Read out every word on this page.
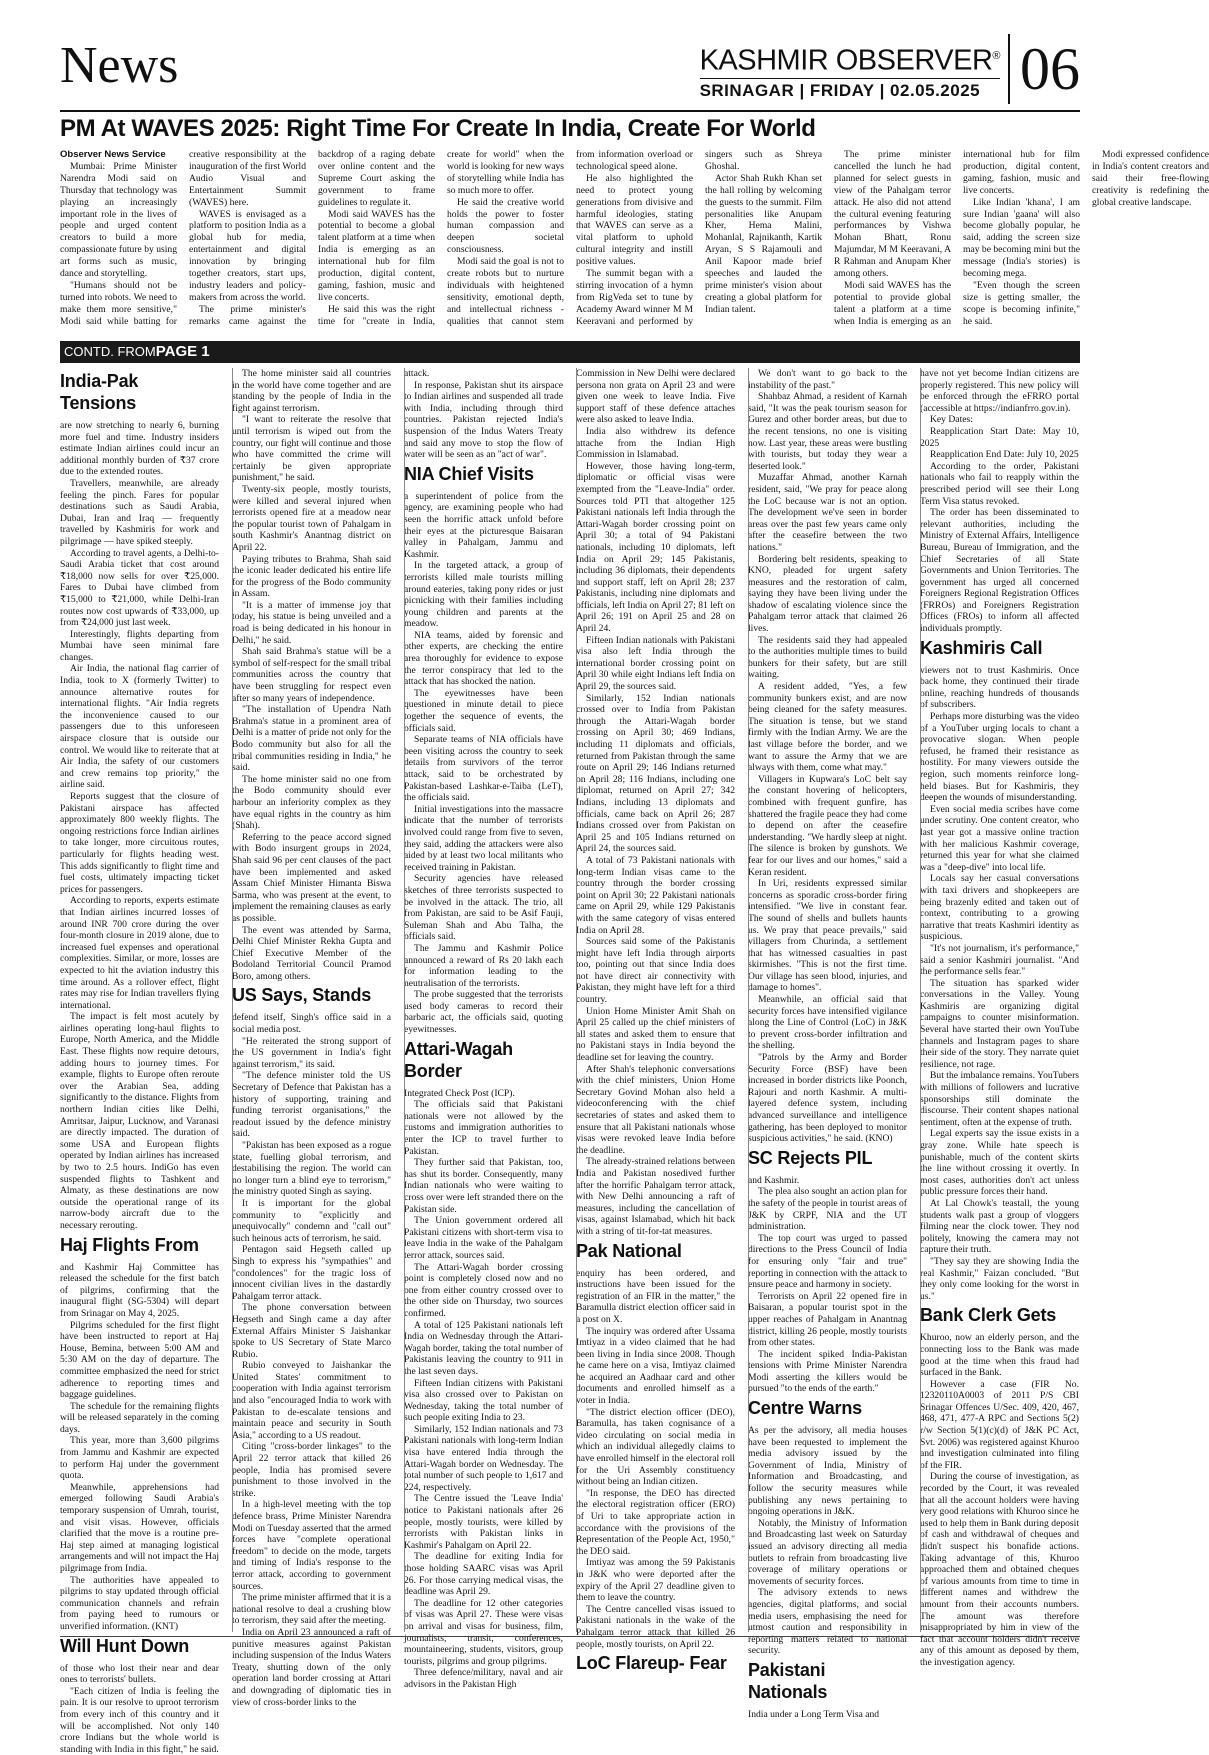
News	KASHMIR OBSERVER®
SRINAGAR | FRIDAY | 02.05.2025 06
PM At WAVES 2025: Right Time For Create In India, Create For World

Observer News Service

Mumbai: Prime Minister Narendra Modi said on Thursday that technology was playing an increasingly important role in the lives of people and urged content creators to build a more compassionate future by using art forms such as music, dance and storytelling.

"Humans should not be turned into robots. We need to make them more sensitive," Modi said while batting for creative responsibility at the inauguration of the first World Audio Visual and Entertainment Summit (WAVES) here.

WAVES is envisaged as a platform to position India as a global hub for media, entertainment and digital innovation by bringing together creators, start ups, industry leaders and policy-makers from across the world.

The prime minister's remarks came against the backdrop of a raging debate over online content and the Supreme Court asking the government to frame guidelines to regulate it.

Modi said WAVES has the potential to become a global talent platform at a time when India is emerging as an international hub for film production, digital content, gaming, fashion, music and live concerts.

He said this was the right time for "create in India, create for world" when the world is looking for new ways of storytelling while India has so much more to offer.

He said the creative world holds the power to foster human compassion and deepen societal consciousness.

Modi said the goal is not to create robots but to nurture individuals with heightened sensitivity, emotional depth, and intellectual richness - qualities that cannot stem from information overload or technological speed alone.

He also highlighted the need to protect young generations from divisive and harmful ideologies, stating that WAVES can serve as a vital platform to uphold cultural integrity and instill positive values.

The summit began with a stirring invocation of a hymn from RigVeda set to tune by Academy Award winner M M Keeravani and performed by singers such as Shreya Ghoshal.

Actor Shah Rukh Khan set the hall rolling by welcoming the guests to the summit. Film personalities like Anupam Kher, Hema Malini, Mohanlal, Rajnikanth, Kartik Aryan, S S Rajamouli and Anil Kapoor made brief speeches and lauded the prime minister's vision about creating a global platform for Indian talent.

The prime minister cancelled the lunch he had planned for select guests in view of the Pahalgam terror attack. He also did not attend the cultural evening featuring performances by Vishwa Mohan Bhatt, Ronu Majumdar, M M Keeravani, A R Rahman and Anupam Kher among others.

Modi said WAVES has the potential to provide global talent a platform at a time when India is emerging as an international hub for film production, digital content, gaming, fashion, music and live concerts.

Like Indian 'khana', I am sure Indian 'gaana' will also become globally popular, he said, adding the screen size may be becoming mini but the message (India's stories) is becoming mega.

"Even though the screen size is getting smaller, the scope is becoming infinite," he said.

Modi expressed confidence in India's content creators and said their free-flowing creativity is redefining the global creative landscape.

CONTD. FROMPAGE 1
India-Pak Tensions

are now stretching to nearly 6, burning more fuel and time. Industry insiders estimate Indian airlines could incur an additional monthly burden of ₹37 crore due to the extended routes.

Travellers, meanwhile, are already feeling the pinch. Fares for popular destinations such as Saudi Arabia, Dubai, Iran and Iraq — frequently travelled by Kashmiris for work and pilgrimage — have spiked steeply.

According to travel agents, a Delhi-to-Saudi Arabia ticket that cost around ₹18,000 now sells for over ₹25,000. Fares to Dubai have climbed from ₹15,000 to ₹21,000, while Delhi-Iran routes now cost upwards of ₹33,000, up from ₹24,000 just last week.

Interestingly, flights departing from Mumbai have seen minimal fare changes.

Air India, the national flag carrier of India, took to X (formerly Twitter) to announce alternative routes for international flights. "Air India regrets the inconvenience caused to our passengers due to this unforeseen airspace closure that is outside our control. We would like to reiterate that at Air India, the safety of our customers and crew remains top priority," the airline said.

Reports suggest that the closure of Pakistani airspace has affected approximately 800 weekly flights. The ongoing restrictions force Indian airlines to take longer, more circuitous routes, particularly for flights heading west. This adds significantly to flight time and fuel costs, ultimately impacting ticket prices for passengers.

According to reports, experts estimate that Indian airlines incurred losses of around INR 700 crore during the over four-month closure in 2019 alone, due to increased fuel expenses and operational complexities. Similar, or more, losses are expected to hit the aviation industry this time around. As a rollover effect, flight rates may rise for Indian travellers flying international.

The impact is felt most acutely by airlines operating long-haul flights to Europe, North America, and the Middle East. These flights now require detours, adding hours to journey times. For example, flights to Europe often reroute over the Arabian Sea, adding significantly to the distance. Flights from northern Indian cities like Delhi, Amritsar, Jaipur, Lucknow, and Varanasi are directly impacted. The duration of some USA and European flights operated by Indian airlines has increased by two to 2.5 hours. IndiGo has even suspended flights to Tashkent and Almaty, as these destinations are now outside the operational range of its narrow-body aircraft due to the necessary rerouting.

Haj Flights From

and Kashmir Haj Committee has released the schedule for the first batch of pilgrims, confirming that the inaugural flight (SG-5304) will depart from Srinagar on May 4, 2025.

Pilgrims scheduled for the first flight have been instructed to report at Haj House, Bemina, between 5:00 AM and 5:30 AM on the day of departure. The committee emphasized the need for strict adherence to reporting times and baggage guidelines.

The schedule for the remaining flights will be released separately in the coming days.

This year, more than 3,600 pilgrims from Jammu and Kashmir are expected to perform Haj under the government quota.

Meanwhile, apprehensions had emerged following Saudi Arabia's temporary suspension of Umrah, tourist, and visit visas. However, officials clarified that the move is a routine pre-Haj step aimed at managing logistical arrangements and will not impact the Haj pilgrimage from India.

The authorities have appealed to pilgrims to stay updated through official communication channels and refrain from paying heed to rumours or unverified information. (KNT)

Will Hunt Down

of those who lost their near and dear ones to terrorists' bullets.

"Each citizen of India is feeling the pain. It is our resolve to uproot terrorism from every inch of this country and it will be accomplished. Not only 140 crore Indians but the whole world is standing with India in this fight," he said.

The home minister said all countries in the world have come together and are standing by the people of India in the fight against terrorism.

"I want to reiterate the resolve that until terrorism is wiped out from the country, our fight will continue and those who have committed the crime will certainly be given appropriate punishment," he said.

Twenty-six people, mostly tourists, were killed and several injured when terrorists opened fire at a meadow near the popular tourist town of Pahalgam in south Kashmir's Anantnag district on April 22.

Paying tributes to Brahma, Shah said the iconic leader dedicated his entire life for the progress of the Bodo community in Assam.

"It is a matter of immense joy that today, his statue is being unveiled and a road is being dedicated in his honour in Delhi," he said.

Shah said Brahma's statue will be a symbol of self-respect for the small tribal communities across the country that have been struggling for respect even after so many years of independence.

"The installation of Upendra Nath Brahma's statue in a prominent area of Delhi is a matter of pride not only for the Bodo community but also for all the tribal communities residing in India," he said.

The home minister said no one from the Bodo community should ever harbour an inferiority complex as they have equal rights in the country as him (Shah).

Referring to the peace accord signed with Bodo insurgent groups in 2024, Shah said 96 per cent clauses of the pact have been implemented and asked Assam Chief Minister Himanta Biswa Sarma, who was present at the event, to implement the remaining clauses as early as possible.

The event was attended by Sarma, Delhi Chief Minister Rekha Gupta and Chief Executive Member of the Bodoland Territorial Council Pramod Boro, among others.

US Says, Stands

defend itself, Singh's office said in a social media post.

"He reiterated the strong support of the US government in India's fight against terrorism," its said.

"The defence minister told the US Secretary of Defence that Pakistan has a history of supporting, training and funding terrorist organisations," the readout issued by the defence ministry said.

"Pakistan has been exposed as a rogue state, fuelling global terrorism, and destabilising the region. The world can no longer turn a blind eye to terrorism," the ministry quoted Singh as saying.

It is important for the global community to "explicitly and unequivocally" condemn and "call out" such heinous acts of terrorism, he said.

Pentagon said Hegseth called up Singh to express his "sympathies" and "condolences" for the tragic loss of innocent civilian lives in the dastardly Pahalgam terror attack.

The phone conversation between Hegseth and Singh came a day after External Affairs Minister S Jaishankar spoke to US Secretary of State Marco Rubio.

Rubio conveyed to Jaishankar the United States' commitment to cooperation with India against terrorism and also "encouraged India to work with Pakistan to de-escalate tensions and maintain peace and security in South Asia," according to a US readout.

Citing "cross-border linkages" to the April 22 terror attack that killed 26 people, India has promised severe punishment to those involved in the strike.

In a high-level meeting with the top defence brass, Prime Minister Narendra Modi on Tuesday asserted that the armed forces have "complete operational freedom" to decide on the mode, targets and timing of India's response to the terror attack, according to government sources.

The prime minister affirmed that it is a national resolve to deal a crushing blow to terrorism, they said after the meeting.

India on April 23 announced a raft of punitive measures against Pakistan including suspension of the Indus Waters Treaty, shutting down of the only operation land border crossing at Attari and downgrading of diplomatic ties in view of cross-border links to the

attack.

In response, Pakistan shut its airspace to Indian airlines and suspended all trade with India, including through third countries. Pakistan rejected India's suspension of the Indus Waters Treaty and said any move to stop the flow of water will be seen as an "act of war".

NIA Chief Visits

a superintendent of police from the agency, are examining people who had seen the horrific attack unfold before their eyes at the picturesque Baisaran valley in Pahalgam, Jammu and Kashmir.

In the targeted attack, a group of terrorists killed male tourists milling around eateries, taking pony rides or just picnicking with their families including young children and parents at the meadow.

NIA teams, aided by forensic and other experts, are checking the entire area thoroughly for evidence to expose the terror conspiracy that led to the attack that has shocked the nation.

The eyewitnesses have been questioned in minute detail to piece together the sequence of events, the officials said.

Separate teams of NIA officials have been visiting across the country to seek details from survivors of the terror attack, said to be orchestrated by Pakistan-based Lashkar-e-Taiba (LeT), the officials said.

Initial investigations into the massacre indicate that the number of terrorists involved could range from five to seven, they said, adding the attackers were also aided by at least two local militants who received training in Pakistan.

Security agencies have released sketches of three terrorists suspected to be involved in the attack. The trio, all from Pakistan, are said to be Asif Fauji, Suleman Shah and Abu Talha, the officials said.

The Jammu and Kashmir Police announced a reward of Rs 20 lakh each for information leading to the neutralisation of the terrorists.

The probe suggested that the terrorists used body cameras to record their barbaric act, the officials said, quoting eyewitnesses.

Attari-Wagah Border

Integrated Check Post (ICP).

The officials said that Pakistani nationals were not allowed by the customs and immigration authorities to enter the ICP to travel further to Pakistan.

They further said that Pakistan, too, has shut its border. Consequently, many Indian nationals who were waiting to cross over were left stranded there on the Pakistan side.

The Union government ordered all Pakistani citizens with short-term visa to leave India in the wake of the Pahalgam terror attack, sources said.

The Attari-Wagah border crossing point is completely closed now and no one from either country crossed over to the other side on Thursday, two sources confirmed.

A total of 125 Pakistani nationals left India on Wednesday through the Attari-Wagah border, taking the total number of Pakistanis leaving the country to 911 in the last seven days.

Fifteen Indian citizens with Pakistani visa also crossed over to Pakistan on Wednesday, taking the total number of such people exiting India to 23.

Similarly, 152 Indian nationals and 73 Pakistani nationals with long-term Indian visa have entered India through the Attari-Wagah border on Wednesday. The total number of such people to 1,617 and 224, respectively.

The Centre issued the 'Leave India' notice to Pakistani nationals after 26 people, mostly tourists, were killed by terrorists with Pakistan links in Kashmir's Pahalgam on April 22.

The deadline for exiting India for those holding SAARC visas was April 26. For those carrying medical visas, the deadline was April 29.

The deadline for 12 other categories of visas was April 27. These were visas on arrival and visas for business, film, journalists, transit, conferences, mountaineering, students, visitors, group tourists, pilgrims and group pilgrims.

Three defence/military, naval and air advisors in the Pakistan High

Commission in New Delhi were declared persona non grata on April 23 and were given one week to leave India. Five support staff of these defence attaches were also asked to leave India.

India also withdrew its defence attache from the Indian High Commission in Islamabad.

However, those having long-term, diplomatic or official visas were exempted from the "Leave-India" order. Sources told PTI that altogether 125 Pakistani nationals left India through the Attari-Wagah border crossing point on April 30; a total of 94 Pakistani nationals, including 10 diplomats, left India on April 29; 145 Pakistanis, including 36 diplomats, their dependents and support staff, left on April 28; 237 Pakistanis, including nine diplomats and officials, left India on April 27; 81 left on April 26; 191 on April 25 and 28 on April 24.

Fifteen Indian nationals with Pakistani visa also left India through the international border crossing point on April 30 while eight Indians left India on April 29, the sources said.

Similarly, 152 Indian nationals crossed over to India from Pakistan through the Attari-Wagah border crossing on April 30; 469 Indians, including 11 diplomats and officials, returned from Pakistan through the same route on April 29; 146 Indians returned on April 28; 116 Indians, including one diplomat, returned on April 27; 342 Indians, including 13 diplomats and officials, came back on April 26; 287 Indians crossed over from Pakistan on April 25 and 105 Indians returned on April 24, the sources said.

A total of 73 Pakistani nationals with long-term Indian visas came to the country through the border crossing point on April 30; 22 Pakistani nationals came on April 29, while 129 Pakistanis with the same category of visas entered India on April 28.

Sources said some of the Pakistanis might have left India through airports too, pointing out that since India does not have direct air connectivity with Pakistan, they might have left for a third country.

Union Home Minister Amit Shah on April 25 called up the chief ministers of all states and asked them to ensure that no Pakistani stays in India beyond the deadline set for leaving the country.

After Shah's telephonic conversations with the chief ministers, Union Home Secretary Govind Mohan also held a videoconferencing with the chief secretaries of states and asked them to ensure that all Pakistani nationals whose visas were revoked leave India before the deadline.

The already-strained relations between India and Pakistan nosedived further after the horrific Pahalgam terror attack, with New Delhi announcing a raft of measures, including the cancellation of visas, against Islamabad, which hit back with a string of tit-for-tat measures.

Pak National

enquiry has been ordered, and instructions have been issued for the registration of an FIR in the matter," the Baramulla district election officer said in a post on X.

The inquiry was ordered after Ussama Imtiyaz in a video claimed that he had been living in India since 2008. Though he came here on a visa, Imtiyaz claimed he acquired an Aadhaar card and other documents and enrolled himself as a voter in India.

"The district election officer (DEO), Baramulla, has taken cognisance of a video circulating on social media in which an individual allegedly claims to have enrolled himself in the electoral roll for the Uri Assembly constituency without being an Indian citizen.

"In response, the DEO has directed the electoral registration officer (ERO) of Uri to take appropriate action in accordance with the provisions of the Representation of the People Act, 1950," the DEO said.

Imtiyaz was among the 59 Pakistanis in J&K who were deported after the expiry of the April 27 deadline given to them to leave the country.

The Centre cancelled visas issued to Pakistani nationals in the wake of the Pahalgam terror attack that killed 26 people, mostly tourists, on April 22.

LoC Flareup- Fear

We don't want to go back to the instability of the past."

Shahbaz Ahmad, a resident of Karnah said, "It was the peak tourism season for Gurez and other border areas, but due to the recent tensions, no one is visiting now. Last year, these areas were bustling with tourists, but today they wear a deserted look."

Muzaffar Ahmad, another Karnah resident, said, "We pray for peace along the LoC because war is not an option. The development we've seen in border areas over the past few years came only after the ceasefire between the two nations."

Bordering belt residents, speaking to KNO, pleaded for urgent safety measures and the restoration of calm, saying they have been living under the shadow of escalating violence since the Pahalgam terror attack that claimed 26 lives.

The residents said they had appealed to the authorities multiple times to build bunkers for their safety, but are still waiting.

A resident added, "Yes, a few community bunkers exist, and are now being cleaned for the safety measures. The situation is tense, but we stand firmly with the Indian Army. We are the last village before the border, and we want to assure the Army that we are always with them, come what may."

Villagers in Kupwara's LoC belt say the constant hovering of helicopters, combined with frequent gunfire, has shattered the fragile peace they had come to depend on after the ceasefire understanding. "We hardly sleep at night. The silence is broken by gunshots. We fear for our lives and our homes," said a Keran resident.

In Uri, residents expressed similar concerns as sporadic cross-border firing intensified. "We live in constant fear. The sound of shells and bullets haunts us. We pray that peace prevails," said villagers from Churinda, a settlement that has witnessed casualties in past skirmishes. "This is not the first time. Our village has seen blood, injuries, and damage to homes".

Meanwhile, an official said that security forces have intensified vigilance along the Line of Control (LoC) in J&K to prevent cross-border infiltration and the shelling.

"Patrols by the Army and Border Security Force (BSF) have been increased in border districts like Poonch, Rajouri and north Kashmir. A multi-layered defence system, including advanced surveillance and intelligence gathering, has been deployed to monitor suspicious activities," he said. (KNO)

SC Rejects PIL

and Kashmir.

The plea also sought an action plan for the safety of the people in tourist areas of J&K by CRPF, NIA and the UT administration.

The top court was urged to passed directions to the Press Council of India for ensuring only "fair and true" reporting in connection with the attack to ensure peace and harmony in society.

Terrorists on April 22 opened fire in Baisaran, a popular tourist spot in the upper reaches of Pahalgam in Anantnag district, killing 26 people, mostly tourists from other states.

The incident spiked India-Pakistan tensions with Prime Minister Narendra Modi asserting the killers would be pursued "to the ends of the earth."

Centre Warns

As per the advisory, all media houses have been requested to implement the media advisory issued by the Government of India, Ministry of Information and Broadcasting, and follow the security measures while publishing any news pertaining to ongoing operations in J&K.

Notably, the Ministry of Information and Broadcasting last week on Saturday issued an advisory directing all media outlets to refrain from broadcasting live coverage of military operations or movements of security forces.

The advisory extends to news agencies, digital platforms, and social media users, emphasising the need for utmost caution and responsibility in reporting matters related to national security.

Pakistani Nationals

India under a Long Term Visa and

have not yet become Indian citizens are properly registered. This new policy will be enforced through the eFRRO portal (accessible at https://indianfrro.gov.in).

Key Dates:

Reapplication Start Date: May 10, 2025

Reapplication End Date: July 10, 2025

According to the order, Pakistani nationals who fail to reapply within the prescribed period will see their Long Term Visa status revoked.

The order has been disseminated to relevant authorities, including the Ministry of External Affairs, Intelligence Bureau, Bureau of Immigration, and the Chief Secretaries of all State Governments and Union Territories. The government has urged all concerned Foreigners Regional Registration Offices (FRROs) and Foreigners Registration Offices (FROs) to inform all affected individuals promptly.

Kashmiris Call

viewers not to trust Kashmiris. Once back home, they continued their tirade online, reaching hundreds of thousands of subscribers.

Perhaps more disturbing was the video of a YouTuber urging locals to chant a provocative slogan. When people refused, he framed their resistance as hostility. For many viewers outside the region, such moments reinforce long-held biases. But for Kashmiris, they deepen the wounds of misunderstanding.

Even social media scribes have come under scrutiny. One content creator, who last year got a massive online traction with her malicious Kashmir coverage, returned this year for what she claimed was a "deep-dive" into local life.

Locals say her casual conversations with taxi drivers and shopkeepers are being brazenly edited and taken out of context, contributing to a growing narrative that treats Kashmiri identity as suspicious.

"It's not journalism, it's performance," said a senior Kashmiri journalist. "And the performance sells fear."

The situation has sparked wider conversations in the Valley. Young Kashmiris are organizing digital campaigns to counter misinformation. Several have started their own YouTube channels and Instagram pages to share their side of the story. They narrate quiet resilience, not rage.

But the imbalance remains. YouTubers with millions of followers and lucrative sponsorships still dominate the discourse. Their content shapes national sentiment, often at the expense of truth.

Legal experts say the issue exists in a gray zone. While hate speech is punishable, much of the content skirts the line without crossing it overtly. In most cases, authorities don't act unless public pressure forces their hand.

At Lal Chowk's teastall, the young students walk past a group of vloggers filming near the clock tower. They nod politely, knowing the camera may not capture their truth.

"They say they are showing India the real Kashmir," Faizan concluded. "But they only come looking for the worst in us."

Bank Clerk Gets

Khuroo, now an elderly person, and the connecting loss to the Bank was made good at the time when this fraud had surfaced in the Bank.

However a case (FIR No. 12320110A0003 of 2011 P/S CBI Srinagar Offences U/Sec. 409, 420, 467, 468, 471, 477-A RPC and Sections 5(2) r/w Section 5(1)(c)(d) of J&K PC Act, Svt. 2006) was registered against Khuroo and investigation culminated into filing of the FIR.

During the course of investigation, as recorded by the Court, it was revealed that all the account holders were having very good relations with Khuroo since he used to help them in Bank during deposit of cash and withdrawal of cheques and didn't suspect his bonafide actions. Taking advantage of this, Khuroo approached them and obtained cheques of various amounts from time to time in different names and withdrew the amount from their accounts numbers. The amount was therefore misappropriated by him in view of the fact that account holders didn't receive any of this amount as deposed by them, the investigation agency.
